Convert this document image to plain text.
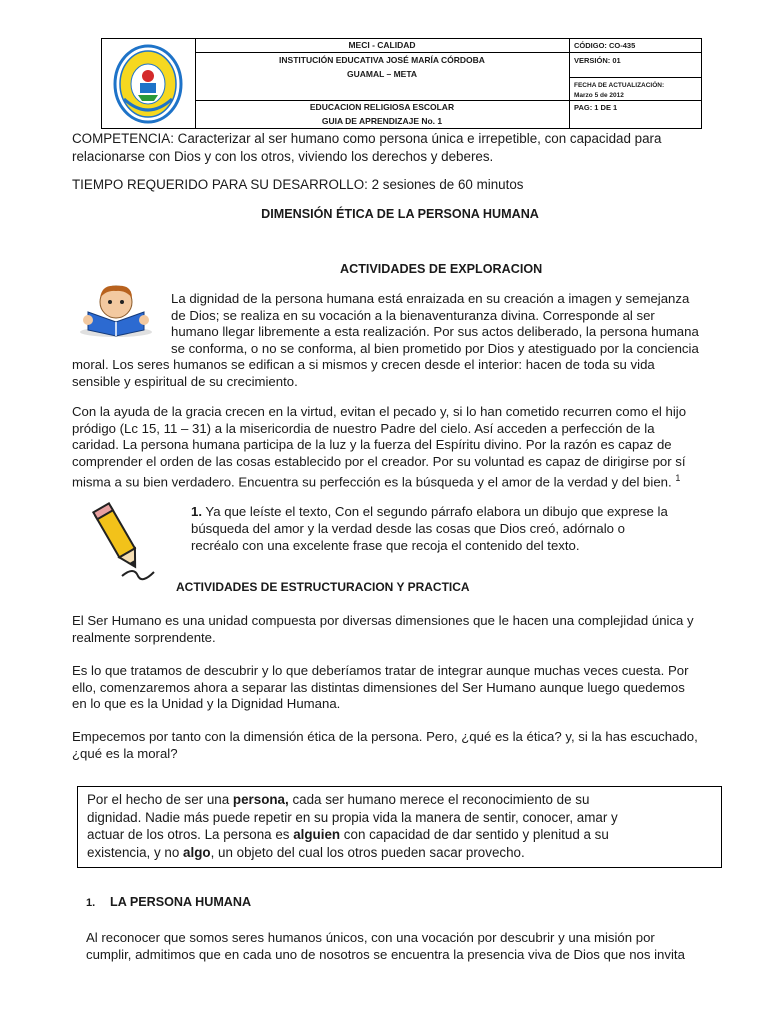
MECI - CALIDAD
INSTITUCIÓN EDUCATIVA JOSÉ MARÍA CÓRDOBA
GUAMAL – META
EDUCACION RELIGIOSA ESCOLAR
GUIA DE APRENDIZAJE No. 1
CÓDIGO: CO-435
VERSIÓN: 01
FECHA DE ACTUALIZACIÓN:
Marzo 5 de 2012
PAG: 1 DE 1
COMPETENCIA: Caracterizar al ser humano como persona única e irrepetible, con capacidad para
relacionarse con Dios y con los otros, viviendo los derechos y deberes.
TIEMPO REQUERIDO PARA SU DESARROLLO: 2 sesiones de 60 minutos
DIMENSIÓN ÉTICA DE LA PERSONA HUMANA
ACTIVIDADES DE EXPLORACION
La dignidad de la persona humana está enraizada en su creación a imagen y semejanza
de Dios; se realiza en su vocación a la bienaventuranza divina. Corresponde al ser
humano llegar libremente a esta realización. Por sus actos deliberado, la persona humana
se conforma, o no se conforma, al bien prometido por Dios y atestiguado por la conciencia
moral. Los seres humanos se edifican a si mismos y crecen desde el interior: hacen de toda su vida
sensible y espiritual de su crecimiento.
Con la ayuda de la gracia crecen en la virtud, evitan el pecado y, si lo han cometido recurren como el hijo
pródigo (Lc 15, 11 – 31) a la misericordia de nuestro Padre del cielo. Así acceden a perfección de la
caridad. La persona humana participa de la luz y la fuerza del Espíritu divino. Por la razón es capaz de
comprender el orden de las cosas establecido por el creador. Por su voluntad es capaz de dirigirse por sí
misma a su bien verdadero. Encuentra su perfección es la búsqueda y el amor de la verdad y del bien. $^1$
1. Ya que leíste el texto, Con el segundo párrafo elabora un dibujo que exprese la
búsqueda del amor y la verdad desde las cosas que Dios creó, adórnalo o
recréalo con una excelente frase que recoja el contenido del texto.
ACTIVIDADES DE ESTRUCTURACION Y PRACTICA
El Ser Humano es una unidad compuesta por diversas dimensiones que le hacen una complejidad única y
realmente sorprendente.
Es lo que tratamos de descubrir y lo que deberíamos tratar de integrar aunque muchas veces cuesta. Por
ello, comenzaremos ahora a separar las distintas dimensiones del Ser Humano aunque luego quedemos
en lo que es la Unidad y la Dignidad Humana.
Empecemos por tanto con la dimensión ética de la persona. Pero, ¿qué es la ética? y, si la has escuchado,
¿qué es la moral?
Por el hecho de ser una persona, cada ser humano merece el reconocimiento de su
dignidad. Nadie más puede repetir en su propia vida la manera de sentir, conocer, amar y
actuar de los otros. La persona es alguien con capacidad de dar sentido y plenitud a su
existencia, y no algo, un objeto del cual los otros pueden sacar provecho.
1. LA PERSONA HUMANA
Al reconocer que somos seres humanos únicos, con una vocación por descubrir y una misión por
cumplir, admitimos que en cada uno de nosotros se encuentra la presencia viva de Dios que nos invita
